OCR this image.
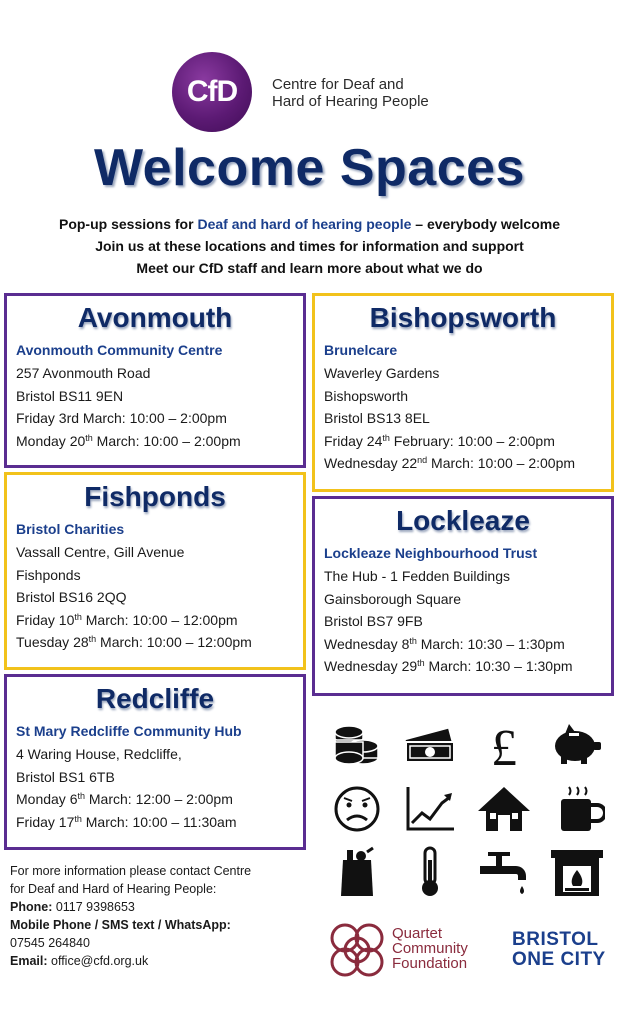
CfD Centre for Deaf and
Hard of Hearing People
Welcome Spaces
Pop-up sessions for Deaf and hard of hearing people – everybody welcome
Join us at these locations and times for information and support
Meet our CfD staff and learn more about what we do
Avonmouth
Avonmouth Community Centre
257 Avonmouth Road
Bristol BS11 9EN
Friday 3rd March: 10:00 – 2:00pm
Monday 20th March: 10:00 – 2:00pm
Bishopsworth
Brunelcare
Waverley Gardens
Bishopsworth
Bristol BS13 8EL
Friday 24th February: 10:00 – 2:00pm
Wednesday 22nd March: 10:00 – 2:00pm
Fishponds
Bristol Charities
Vassall Centre, Gill Avenue
Fishponds
Bristol BS16 2QQ
Friday 10th March: 10:00 – 12:00pm
Tuesday 28th March: 10:00 – 12:00pm
Lockleaze
Lockleaze Neighbourhood Trust
The Hub - 1 Fedden Buildings
Gainsborough Square
Bristol BS7 9FB
Wednesday 8th March: 10:30 – 1:30pm
Wednesday 29th March: 10:30 – 1:30pm
Redcliffe
St Mary Redcliffe Community Hub
4 Waring House, Redcliffe,
Bristol BS1 6TB
Monday 6th March: 12:00 – 2:00pm
Friday 17th March: 10:00 – 11:30am
£
For more information please contact Centre
for Deaf and Hard of Hearing People:
Phone: 0117 9398653
Mobile Phone / SMS text / WhatsApp:
07545 264840
Email: office@cfd.org.uk
Quartet
Community
Foundation
BRISTOL
ONE CITY
